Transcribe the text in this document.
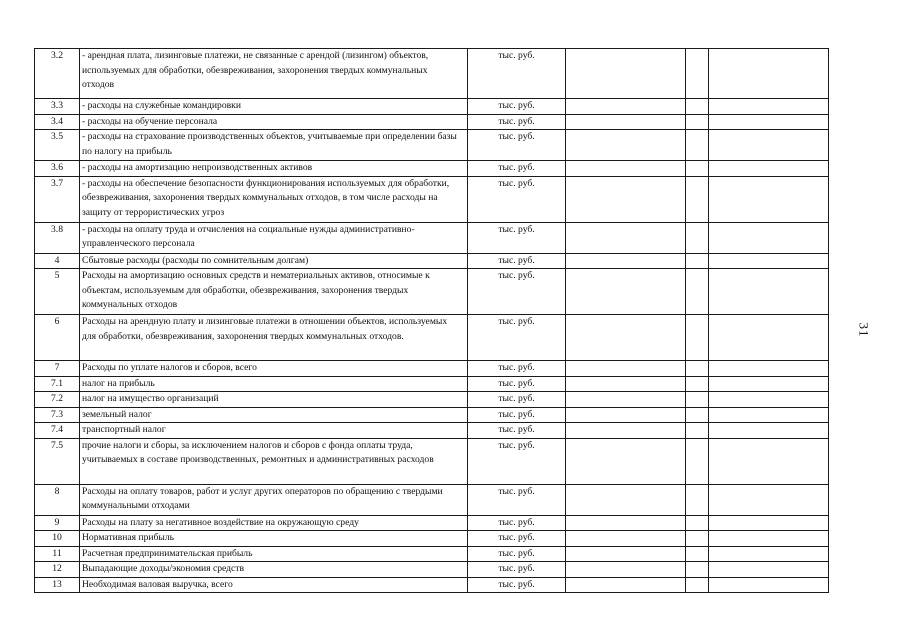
3.2	- арендная плата, лизинговые платежи, не связанные с арендой (лизингом) объектов, используемых для обработки, обезвреживания, захоронения твердых коммунальных отходов	тыс. руб.			
3.3	- расходы на служебные командировки	тыс. руб.			
3.4	- расходы на обучение персонала	тыс. руб.			
3.5	- расходы на страхование производственных объектов, учитываемые при определении базы по налогу на прибыль	тыс. руб.			
3.6	- расходы на амортизацию непроизводственных активов	тыс. руб.			
3.7	- расходы на обеспечение безопасности функционирования используемых для обработки, обезвреживания, захоронения твердых коммунальных отходов, в том числе расходы на защиту от террористических угроз	тыс. руб.			
3.8	- расходы на оплату труда и отчисления на социальные нужды административно-управленческого персонала	тыс. руб.			
4	Сбытовые расходы (расходы по сомнительным долгам)	тыс. руб.			
5	Расходы на амортизацию основных средств и нематериальных активов, относимые к объектам, используемым для обработки, обезвреживания, захоронения твердых коммунальных отходов	тыс. руб.			
6	Расходы на арендную плату и лизинговые платежи в отношении объектов, используемых для обработки, обезвреживания, захоронения твердых коммунальных отходов.	тыс. руб.			
7	Расходы по уплате налогов и сборов, всего	тыс. руб.			
7.1	налог на прибыль	тыс. руб.			
7.2	налог на имущество организаций	тыс. руб.			
7.3	земельный налог	тыс. руб.			
7.4	транспортный налог	тыс. руб.			
7.5	прочие налоги и сборы, за исключением налогов и сборов с фонда оплаты труда, учитываемых в составе производственных, ремонтных и административных расходов	тыс. руб.			
8	Расходы на оплату товаров, работ и услуг других операторов по обращению с твердыми коммунальными отходами	тыс. руб.			
9	Расходы на плату за негативное воздействие на окружающую среду	тыс. руб.			
10	Нормативная прибыль	тыс. руб.			
11	Расчетная предпринимательская прибыль	тыс. руб.			
12	Выпадающие доходы/экономия средств	тыс. руб.			
13	Необходимая валовая выручка, всего	тыс. руб.			
31
